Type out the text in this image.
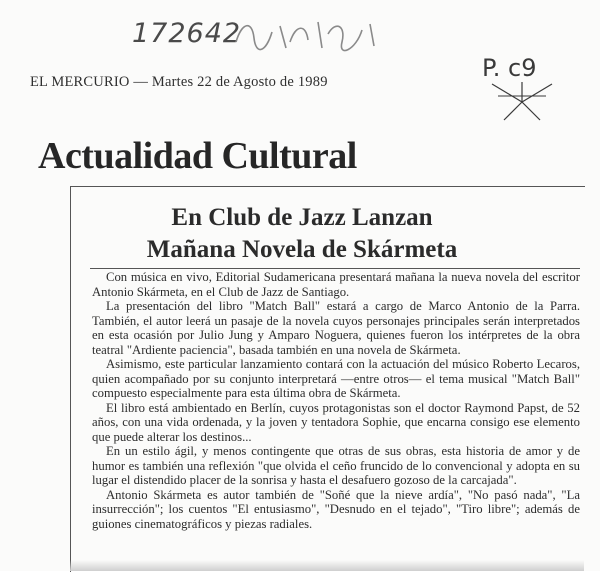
172642
P. c9
EL MERCURIO — Martes 22 de Agosto de 1989
Actualidad Cultural
En Club de Jazz Lanzan
Mañana Novela de Skármeta

Con música en vivo, Editorial Sudamericana presentará mañana la nueva novela del escritor Antonio Skármeta, en el Club de Jazz de Santiago.

La presentación del libro "Match Ball" estará a cargo de Marco Antonio de la Parra. También, el autor leerá un pasaje de la novela cuyos personajes principales serán interpretados en esta ocasión por Julio Jung y Amparo Noguera, quienes fueron los intérpretes de la obra teatral "Ardiente paciencia", basada también en una novela de Skármeta.

Asimismo, este particular lanzamiento contará con la actuación del músico Roberto Lecaros, quien acompañado por su conjunto interpretará —entre otros— el tema musical "Match Ball" compuesto especialmente para esta última obra de Skármeta.

El libro está ambientado en Berlín, cuyos protagonistas son el doctor Raymond Papst, de 52 años, con una vida ordenada, y la joven y tentadora Sophie, que encarna consigo ese elemento que puede alterar los destinos...

En un estilo ágil, y menos contingente que otras de sus obras, esta historia de amor y de humor es también una reflexión "que olvida el ceño fruncido de lo convencional y adopta en su lugar el distendido placer de la sonrisa y hasta el desafuero gozoso de la carcajada".

Antonio Skármeta es autor también de "Soñé que la nieve ardía", "No pasó nada", "La insurrección"; los cuentos "El entusiasmo", "Desnudo en el tejado", "Tiro libre"; además de guiones cinematográficos y piezas radiales.
